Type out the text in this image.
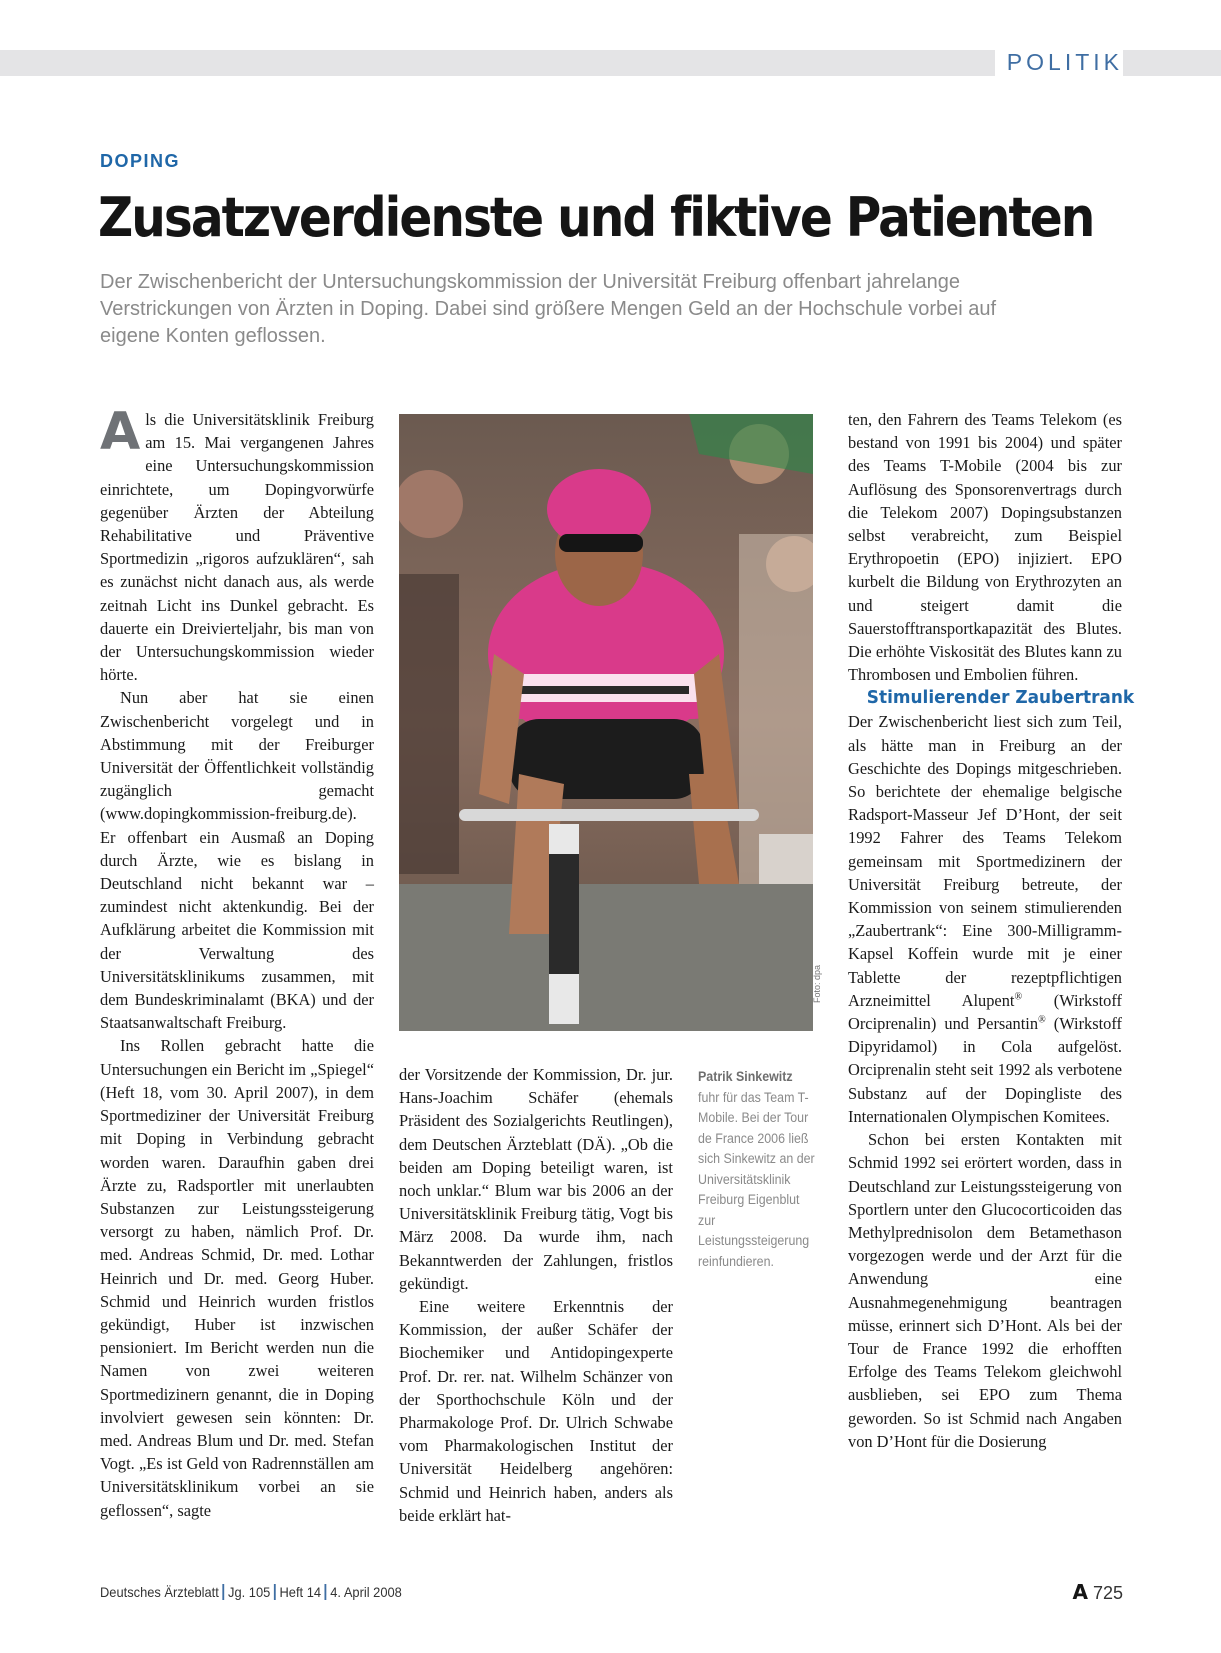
POLITIK
DOPING
Zusatzverdienste und fiktive Patienten

Der Zwischenbericht der Untersuchungskommission der Universität Freiburg offenbart jahrelange Verstrickungen von Ärzten in Doping. Dabei sind größere Mengen Geld an der Hochschule vorbei auf eigene Konten geflossen.

Als die Universitätsklinik Freiburg am 15. Mai vergangenen Jahres eine Untersuchungskommission einrichtete, um Dopingvorwürfe gegenüber Ärzten der Abteilung Rehabilitative und Präventive Sportmedizin „rigoros aufzuklären“, sah es zunächst nicht danach aus, als werde zeitnah Licht ins Dunkel gebracht. Es dauerte ein Dreivierteljahr, bis man von der Untersuchungskommission wieder hörte.

Nun aber hat sie einen Zwischenbericht vorgelegt und in Abstimmung mit der Freiburger Universität der Öffentlichkeit vollständig zugänglich gemacht (www.dopingkommission-freiburg.de). Er offenbart ein Ausmaß an Doping durch Ärzte, wie es bislang in Deutschland nicht bekannt war – zumindest nicht aktenkundig. Bei der Aufklärung arbeitet die Kommission mit der Verwaltung des Universitätsklinikums zusammen, mit dem Bundeskriminalamt (BKA) und der Staatsanwaltschaft Freiburg.

Ins Rollen gebracht hatte die Untersuchungen ein Bericht im „Spiegel“ (Heft 18, vom 30. April 2007), in dem Sportmediziner der Universität Freiburg mit Doping in Verbindung gebracht worden waren. Daraufhin gaben drei Ärzte zu, Radsportler mit unerlaubten Substanzen zur Leistungssteigerung versorgt zu haben, nämlich Prof. Dr. med. Andreas Schmid, Dr. med. Lothar Heinrich und Dr. med. Georg Huber. Schmid und Heinrich wurden fristlos gekündigt, Huber ist inzwischen pensioniert. Im Bericht werden nun die Namen von zwei weiteren Sportmedizinern genannt, die in Doping involviert gewesen sein könnten: Dr. med. Andreas Blum und Dr. med. Stefan Vogt. „Es ist Geld von Radrennställen am Universitätsklinikum vorbei an sie geflossen“, sagte

Foto: dpa
Patrik Sinkewitz
fuhr für das Team T-Mobile. Bei der Tour de France 2006 ließ sich Sinkewitz an der Universitätsklinik Freiburg Eigenblut zur Leistungssteigerung reinfundieren.

der Vorsitzende der Kommission, Dr. jur. Hans-Joachim Schäfer (ehemals Präsident des Sozialgerichts Reutlingen), dem Deutschen Ärzteblatt (DÄ). „Ob die beiden am Doping beteiligt waren, ist noch unklar.“ Blum war bis 2006 an der Universitätsklinik Freiburg tätig, Vogt bis März 2008. Da wurde ihm, nach Bekanntwerden der Zahlungen, fristlos gekündigt.

Eine weitere Erkenntnis der Kommission, der außer Schäfer der Biochemiker und Antidopingexperte Prof. Dr. rer. nat. Wilhelm Schänzer von der Sporthochschule Köln und der Pharmakologe Prof. Dr. Ulrich Schwabe vom Pharmakologischen Institut der Universität Heidelberg angehören: Schmid und Heinrich haben, anders als beide erklärt hat-

ten, den Fahrern des Teams Telekom (es bestand von 1991 bis 2004) und später des Teams T-Mobile (2004 bis zur Auflösung des Sponsorenvertrags durch die Telekom 2007) Dopingsubstanzen selbst verabreicht, zum Beispiel Erythropoetin (EPO) injiziert. EPO kurbelt die Bildung von Erythrozyten an und steigert damit die Sauerstofftransportkapazität des Blutes. Die erhöhte Viskosität des Blutes kann zu Thrombosen und Embolien führen.

Stimulierender Zaubertrank

Der Zwischenbericht liest sich zum Teil, als hätte man in Freiburg an der Geschichte des Dopings mitgeschrieben. So berichtete der ehemalige belgische Radsport-Masseur Jef D’Hont, der seit 1992 Fahrer des Teams Telekom gemeinsam mit Sportmedizinern der Universität Freiburg betreute, der Kommission von seinem stimulierenden „Zaubertrank“: Eine 300-Milligramm-Kapsel Koffein wurde mit je einer Tablette der rezeptpflichtigen Arzneimittel Alupent® (Wirkstoff Orciprenalin) und Persantin® (Wirkstoff Dipyridamol) in Cola aufgelöst. Orciprenalin steht seit 1992 als verbotene Substanz auf der Dopingliste des Internationalen Olympischen Komitees.

Schon bei ersten Kontakten mit Schmid 1992 sei erörtert worden, dass in Deutschland zur Leistungssteigerung von Sportlern unter den Glucocorticoiden das Methylprednisolon dem Betamethason vorgezogen werde und der Arzt für die Anwendung eine Ausnahmegenehmigung beantragen müsse, erinnert sich D’Hont. Als bei der Tour de France 1992 die erhofften Erfolge des Teams Telekom gleichwohl ausblieben, sei EPO zum Thema geworden. So ist Schmid nach Angaben von D’Hont für die Dosierung

Deutsches Ärzteblatt Jg. 105 Heft 14 4. April 2008	A 725
